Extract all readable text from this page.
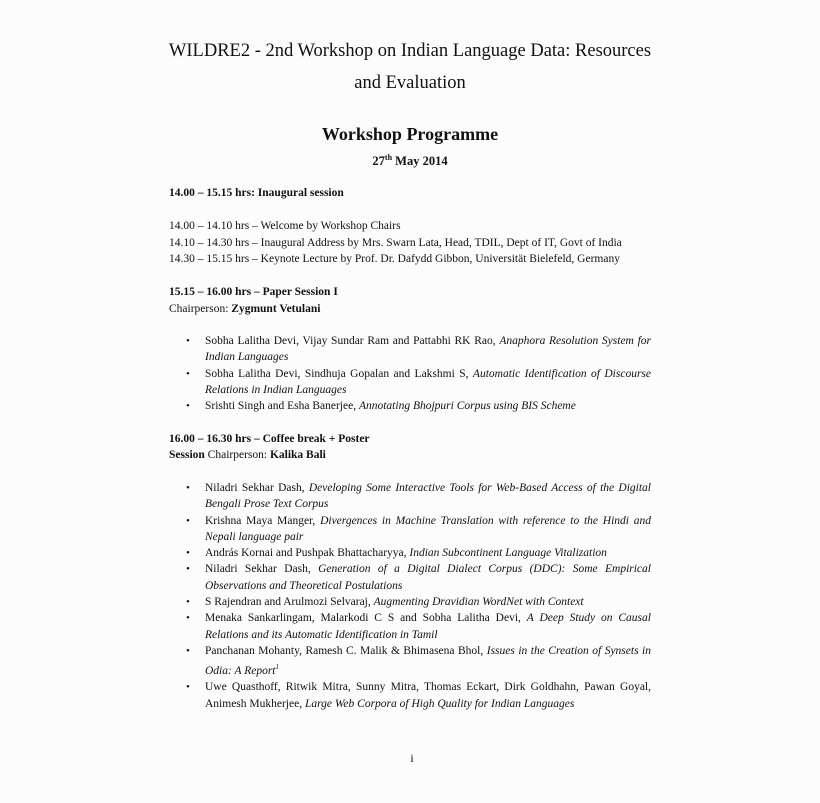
WILDRE2 - 2nd Workshop on Indian Language Data: Resources
and Evaluation
Workshop Programme
27th May 2014
14.00 – 15.15 hrs: Inaugural session
14.00 – 14.10 hrs – Welcome by Workshop Chairs
14.10 – 14.30 hrs – Inaugural Address by Mrs. Swarn Lata, Head, TDIL, Dept of IT, Govt of India
14.30 – 15.15 hrs – Keynote Lecture by Prof. Dr. Dafydd Gibbon, Universität Bielefeld, Germany
15.15 – 16.00 hrs – Paper Session I
Chairperson: Zygmunt Vetulani
• Sobha Lalitha Devi, Vijay Sundar Ram and Pattabhi RK Rao, Anaphora Resolution System for Indian Languages
• Sobha Lalitha Devi, Sindhuja Gopalan and Lakshmi S, Automatic Identification of Discourse Relations in Indian Languages
• Srishti Singh and Esha Banerjee, Annotating Bhojpuri Corpus using BIS Scheme
16.00 – 16.30 hrs – Coffee break + Poster
Session Chairperson: Kalika Bali
• Niladri Sekhar Dash, Developing Some Interactive Tools for Web-Based Access of the Digital Bengali Prose Text Corpus
• Krishna Maya Manger, Divergences in Machine Translation with reference to the Hindi and Nepali language pair
• András Kornai and Pushpak Bhattacharyya, Indian Subcontinent Language Vitalization
• Niladri Sekhar Dash, Generation of a Digital Dialect Corpus (DDC): Some Empirical Observations and Theoretical Postulations
• S Rajendran and Arulmozi Selvaraj, Augmenting Dravidian WordNet with Context
• Menaka Sankarlingam, Malarkodi C S and Sobha Lalitha Devi, A Deep Study on Causal Relations and its Automatic Identification in Tamil
• Panchanan Mohanty, Ramesh C. Malik & Bhimasena Bhol, Issues in the Creation of Synsets in Odia: A Report$^1$
• Uwe Quasthoff, Ritwik Mitra, Sunny Mitra, Thomas Eckart, Dirk Goldhahn, Pawan Goyal, Animesh Mukherjee, Large Web Corpora of High Quality for Indian Languages
i
